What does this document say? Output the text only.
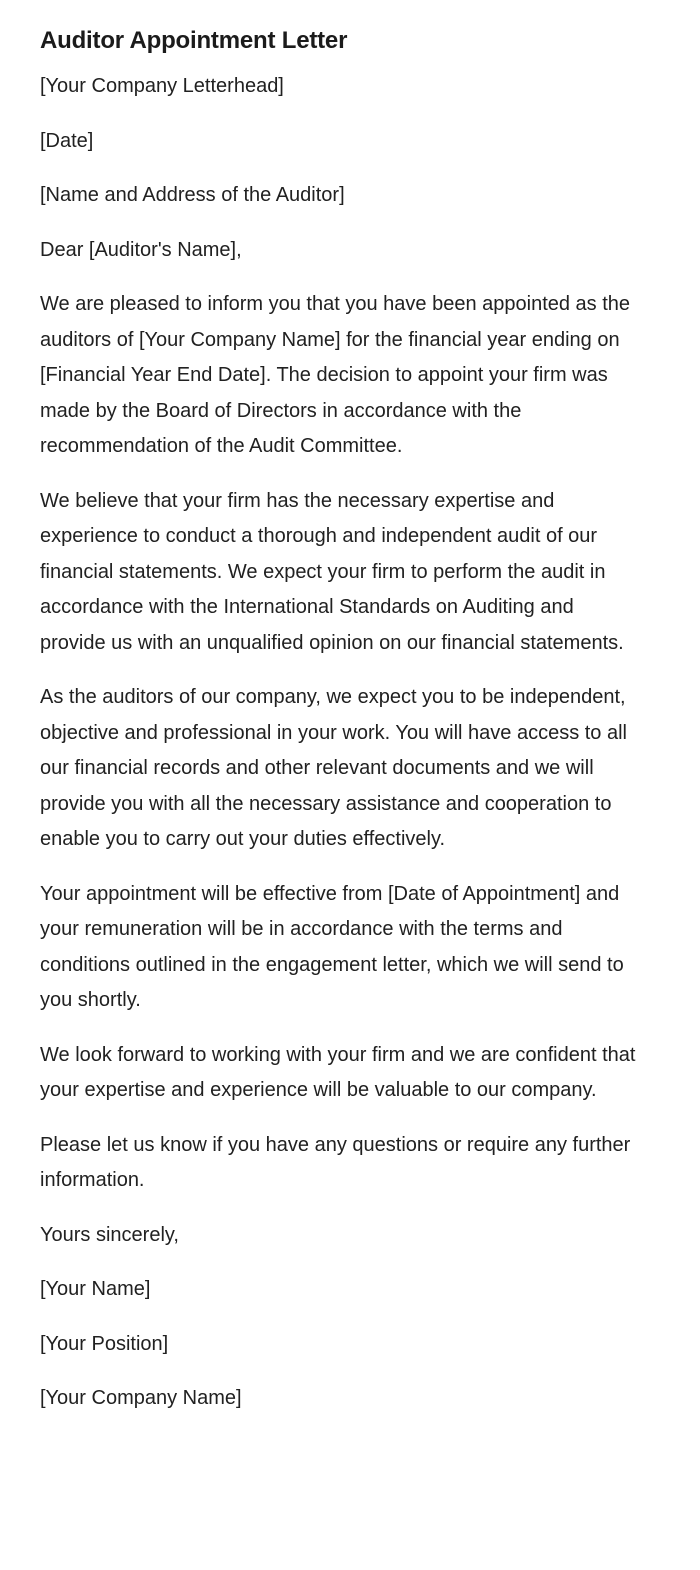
Auditor Appointment Letter

[Your Company Letterhead]

[Date]

[Name and Address of the Auditor]

Dear [Auditor's Name],

We are pleased to inform you that you have been appointed as the auditors of [Your Company Name] for the financial year ending on [Financial Year End Date]. The decision to appoint your firm was made by the Board of Directors in accordance with the recommendation of the Audit Committee.

We believe that your firm has the necessary expertise and experience to conduct a thorough and independent audit of our financial statements. We expect your firm to perform the audit in accordance with the International Standards on Auditing and provide us with an unqualified opinion on our financial statements.

As the auditors of our company, we expect you to be independent, objective and professional in your work. You will have access to all our financial records and other relevant documents and we will provide you with all the necessary assistance and cooperation to enable you to carry out your duties effectively.

Your appointment will be effective from [Date of Appointment] and your remuneration will be in accordance with the terms and conditions outlined in the engagement letter, which we will send to you shortly.

We look forward to working with your firm and we are confident that your expertise and experience will be valuable to our company.

Please let us know if you have any questions or require any further information.

Yours sincerely,

[Your Name]

[Your Position]

[Your Company Name]
